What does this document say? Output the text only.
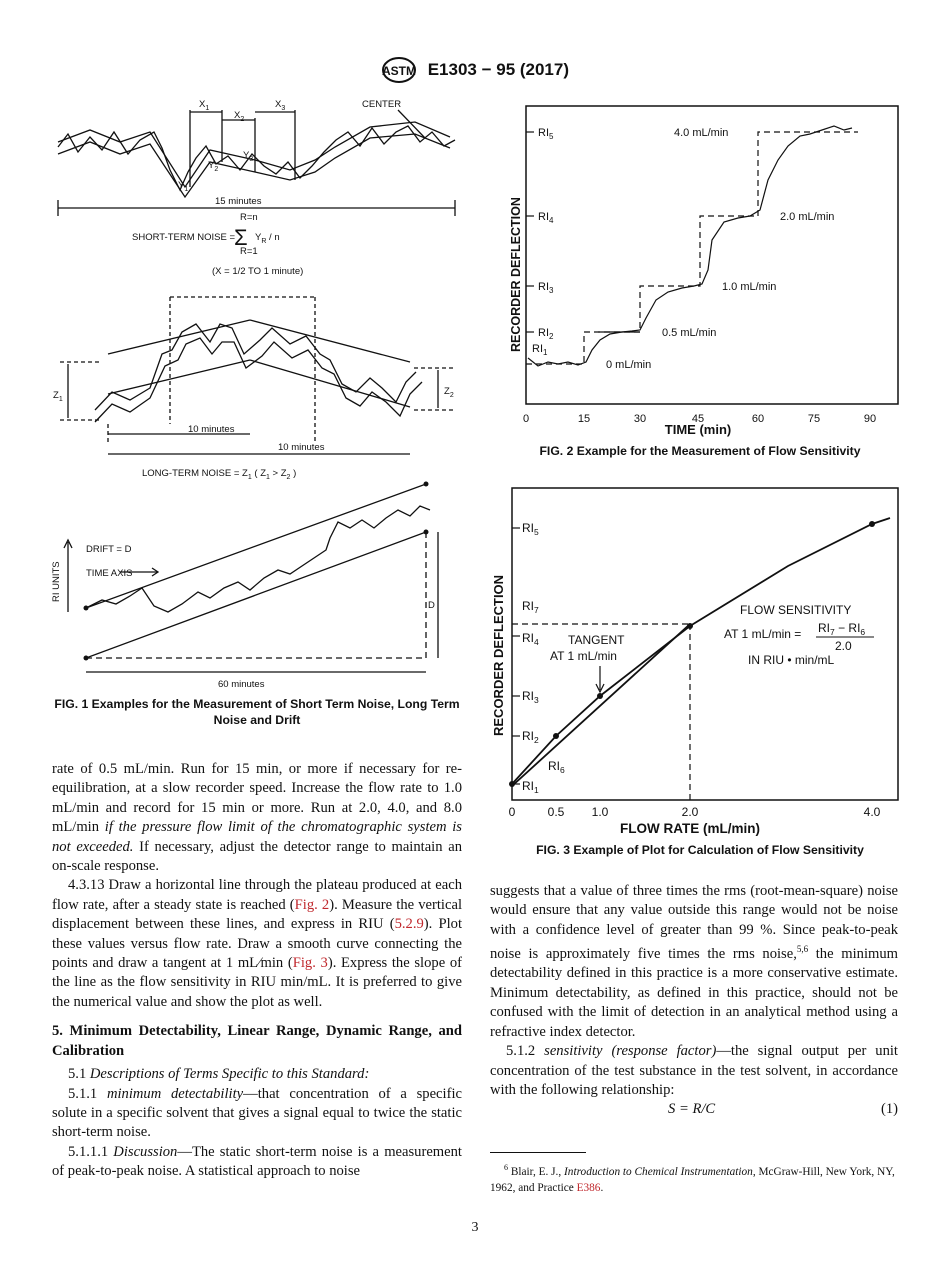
ASTM E1303 − 95 (2017)
$X_1$
$X_2$
$X_3$	CENTER
$Y_1$
$Y_2$
$Y_3$
15 minutes
SHORT-TERM NOISE =
R=n
R=1
Σ $Y_R$ / n
(X = 1/2 TO 1 minute)
$Z_1$
$Z_2$
10 minutes
10 minutes
LONG-TERM NOISE = $Z_1$ ( $Z_1 > Z_2$ )
DRIFT = D
TIME AXIS
RI UNITS
D
60 minutes
FIG. 1 Examples for the Measurement of Short Term Noise, Long Term Noise and Drift
$RI_5$
$RI_4$
$RI_3$
$RI_2$
$RI_1$
0 mL/min
0.5 mL/min
1.0 mL/min
2.0 mL/min
4.0 mL/min
0	15	30	45	60	75	90
TIME (min)
RECORDER DEFLECTION
FIG. 2 Example for the Measurement of Flow Sensitivity
$RI_5$
$RI_7$
$RI_4$
$RI_3$
$RI_2$
$RI_6$
$RI_1$
TANGENT
AT 1 mL/min
FLOW SENSITIVITY
AT 1 $mL/\min = RI_7 - RI_6$
2.0
IN RIU • min/mL
0	0.5 1.0	2.0	4.0
FLOW RATE (mL/min)
RECORDER DEFLECTION
FIG. 3 Example of Plot for Calculation of Flow Sensitivity

rate of 0.5 mL/min. Run for 15 min, or more if necessary for re-equilibration, at a slow recorder speed. Increase the flow rate to 1.0 mL/min and record for 15 min or more. Run at 2.0, 4.0, and 8.0 mL/min if the pressure flow limit of the chromatographic system is not exceeded. If necessary, adjust the detector range to maintain an on-scale response.

4.3.13 Draw a horizontal line through the plateau produced at each flow rate, after a steady state is reached (Fig. 2). Measure the vertical displacement between these lines, and express in RIU (5.2.9). Plot these values versus flow rate. Draw a smooth curve connecting the points and draw a tangent at 1 mL⁄min (Fig. 3). Express the slope of the line as the flow sensitivity in RIU min/mL. It is preferred to give the numerical value and show the plot as well.

5. Minimum Detectability, Linear Range, Dynamic Range, and Calibration

5.1 Descriptions of Terms Specific to this Standard:

5.1.1 minimum detectability—that concentration of a specific solute in a specific solvent that gives a signal equal to twice the static short-term noise.

5.1.1.1 Discussion—The static short-term noise is a measurement of peak-to-peak noise. A statistical approach to noise

suggests that a value of three times the rms (root-mean-square) noise would ensure that any value outside this range would not be noise with a confidence level of greater than 99 %. Since peak-to-peak noise is approximately five times the rms noise,$^{5,6}$ the minimum detectability defined in this practice is a more conservative estimate. Minimum detectability, as defined in this practice, should not be confused with the limit of detection in an analytical method using a refractive index detector.

5.1.2 sensitivity (response factor)—the signal output per unit concentration of the test substance in the test solvent, in accordance with the following relationship:

S = R/C	(1)

$^6$ Blair, E. J., Introduction to Chemical Instrumentation, McGraw-Hill, New York, NY, 1962, and Practice E386.
3
